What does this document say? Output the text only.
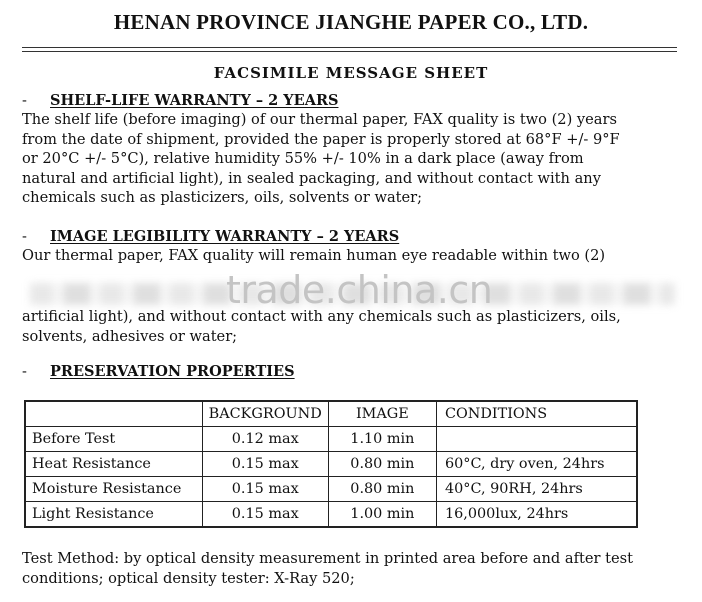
HENAN PROVINCE JIANGHE PAPER CO., LTD.
FACSIMILE MESSAGE SHEET
- SHELF-LIFE WARRANTY – 2 YEARS
The shelf life (before imaging) of our thermal paper, FAX quality is two (2) years
from the date of shipment, provided the paper is properly stored at 68°F +/- 9°F
or 20°C +/- 5°C), relative humidity 55% +/- 10% in a dark place (away from
natural and artificial light), in sealed packaging, and without contact with any
chemicals such as plasticizers, oils, solvents or water;
- IMAGE LEGIBILITY WARRANTY – 2 YEARS
Our thermal paper, FAX quality will remain human eye readable within two (2)
trade.china.cn
artificial light), and without contact with any chemicals such as plasticizers, oils,
solvents, adhesives or water;
- PRESERVATION PROPERTIES
	BACKGROUND	IMAGE	CONDITIONS
Before Test	0.12 max	1.10 min	
Heat Resistance	0.15 max	0.80 min	60°C, dry oven, 24hrs
Moisture Resistance	0.15 max	0.80 min	40°C, 90RH, 24hrs
Light Resistance	0.15 max	1.00 min	16,000lux, 24hrs
Test Method: by optical density measurement in printed area before and after test
conditions; optical density tester: X-Ray 520;
